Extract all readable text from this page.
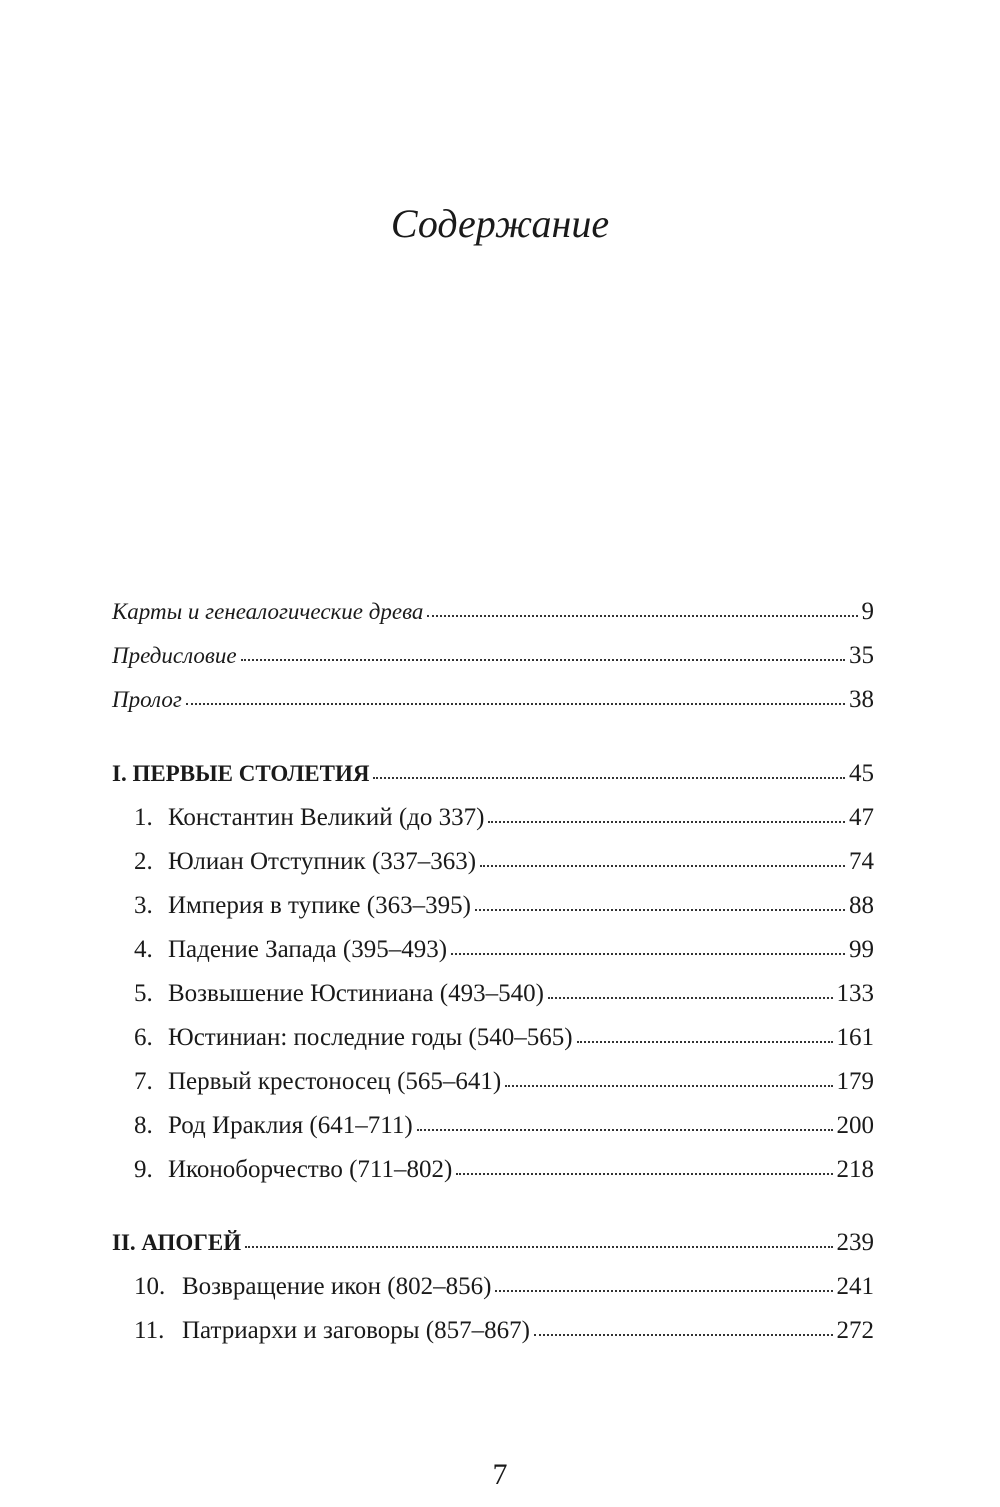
Содержание
Карты и генеалогические древа	9
Предисловие	35
Пролог	38
I. ПЕРВЫЕ СТОЛЕТИЯ	45
1. Константин Великий (до 337)	47
2. Юлиан Отступник (337–363)	74
3. Империя в тупике (363–395)	88
4. Падение Запада (395–493)	99
5. Возвышение Юстиниана (493–540)	133
6. Юстиниан: последние годы (540–565)	161
7. Первый крестоносец (565–641)	179
8. Род Ираклия (641–711)	200
9. Иконоборчество (711–802)	218
II. АПОГЕЙ	239
10. Возвращение икон (802–856)	241
11. Патриархи и заговоры (857–867)	272
7
